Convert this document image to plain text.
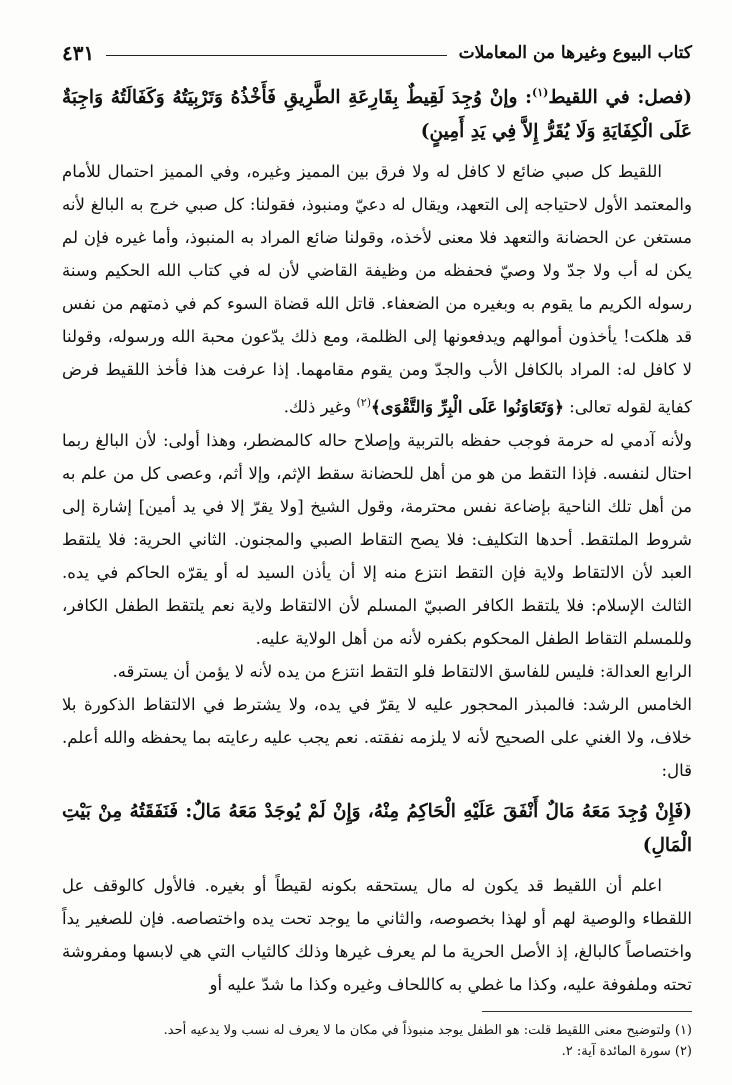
كتاب البيوع وغيرها من المعاملات
٤٣١

(فصل: في اللقيط$^{(١)}$: وإنْ وُجِدَ لَقِيطٌ بِقَارِعَةِ الطَّرِيقِ فَأَخْذُهُ وَتَرْبِيَتُهُ وَكَفَالَتُهُ وَاجِبَةٌ عَلَى الْكِفَايَةِ وَلَا يُقَرُّ إِلاَّ فِي يَدِ أَمِينٍ)

اللقيط كل صبي ضائع لا كافل له ولا فرق بين المميز وغيره، وفي المميز احتمال للأمام والمعتمد الأول لاحتياجه إلى التعهد، ويقال له دعيّ ومنبوذ، فقولنا: كل صبي خرج به البالغ لأنه مستغن عن الحضانة والتعهد فلا معنى لأخذه، وقولنا ضائع المراد به المنبوذ، وأما غيره فإن لم يكن له أب ولا جدّ ولا وصيّ فحفظه من وظيفة القاضي لأن له في كتاب الله الحكيم وسنة رسوله الكريم ما يقوم به وبغيره من الضعفاء. قاتل الله قضاة السوء كم في ذمتهم من نفس قد هلكت! يأخذون أموالهم ويدفعونها إلى الظلمة، ومع ذلك يدّعون محبة الله ورسوله، وقولنا لا كافل له: المراد بالكافل الأب والجدّ ومن يقوم مقامهما. إذا عرفت هذا فأخذ اللقيط فرض كفاية لقوله تعالى: ﴿وَتَعَاوَنُوا عَلَى الْبِرِّ وَالتَّقْوَى﴾$^{(٢)}$ وغير ذلك.

ولأنه آدمي له حرمة فوجب حفظه بالتربية وإصلاح حاله كالمضطر، وهذا أولى: لأن البالغ ربما احتال لنفسه. فإذا التقط من هو من أهل للحضانة سقط الإثم، وإلا أثم، وعصى كل من علم به من أهل تلك الناحية بإضاعة نفس محترمة، وقول الشيخ [ولا يقرّ إلا في يد أمين] إشارة إلى شروط الملتقط. أحدها التكليف: فلا يصح التقاط الصبي والمجنون. الثاني الحرية: فلا يلتقط العبد لأن الالتقاط ولاية فإن التقط انتزع منه إلا أن يأذن السيد له أو يقرّه الحاكم في يده. الثالث الإسلام: فلا يلتقط الكافر الصبيّ المسلم لأن الالتقاط ولاية نعم يلتقط الطفل الكافر، وللمسلم التقاط الطفل المحكوم بكفره لأنه من أهل الولاية عليه.

الرابع العدالة: فليس للفاسق الالتقاط فلو التقط انتزع من يده لأنه لا يؤمن أن يسترقه.

الخامس الرشد: فالمبذر المحجور عليه لا يقرّ في يده، ولا يشترط في الالتقاط الذكورة بلا خلاف، ولا الغني على الصحيح لأنه لا يلزمه نفقته. نعم يجب عليه رعايته بما يحفظه والله أعلم. قال:

(فَإِنْ وُجِدَ مَعَهُ مَالٌ أَنْفَقَ عَلَيْهِ الْحَاكِمُ مِنْهُ، وَإِنْ لَمْ يُوجَدْ مَعَهُ مَالٌ: فَنَفَقَتُهُ مِنْ بَيْتِ الْمَالِ)

اعلم أن اللقيط قد يكون له مال يستحقه بكونه لقيطاً أو بغيره. فالأول كالوقف عل اللقطاء والوصية لهم أو لهذا بخصوصه، والثاني ما يوجد تحت يده واختصاصه. فإن للصغير يداً واختصاصاً كالبالغ، إذ الأصل الحرية ما لم يعرف غيرها وذلك كالثياب التي هي لابسها ومفروشة تحته وملفوفة عليه، وكذا ما غطي به كاللحاف وغيره وكذا ما شدّ عليه أو

(١) ولتوضيح معنى اللقيط قلت: هو الطفل يوجد منبوذاً في مكان ما لا يعرف له نسب ولا يدعيه أحد.
(٢) سورة المائدة آية: ٢.
